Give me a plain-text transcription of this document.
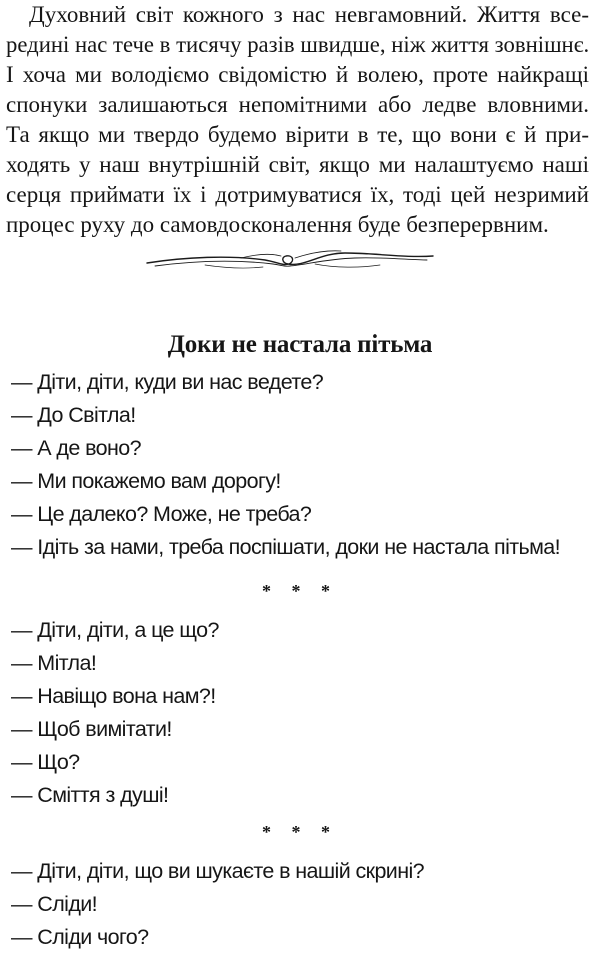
Духовний світ кожного з нас невгамовний. Життя все-
редині нас тече в тисячу разів швидше, ніж життя зовнішнє.
І хоча ми володіємо свідомістю й волею, проте найкращі
спонуки залишаються непомітними або ледве вловними.
Та якщо ми твердо будемо вірити в те, що вони є й при-
ходять у наш внутрішній світ, якщо ми налаштуємо наші
серця приймати їх і дотримуватися їх, тоді цей незримий
процес руху до самовдосконалення буде безперервним.

Доки не настала пітьма
— Діти, діти, куди ви нас ведете?
— До Світла!
— А де воно?
— Ми покажемо вам дорогу!
— Це далеко? Може, не треба?
— Ідіть за нами, треба поспішати, доки не настала пітьма!
* * *
— Діти, діти, а це що?
— Мітла!
— Навіщо вона нам?!
— Щоб вимітати!
— Що?
— Сміття з душі!
* * *
— Діти, діти, що ви шукаєте в нашій скрині?
— Сліди!
— Сліди чого?
